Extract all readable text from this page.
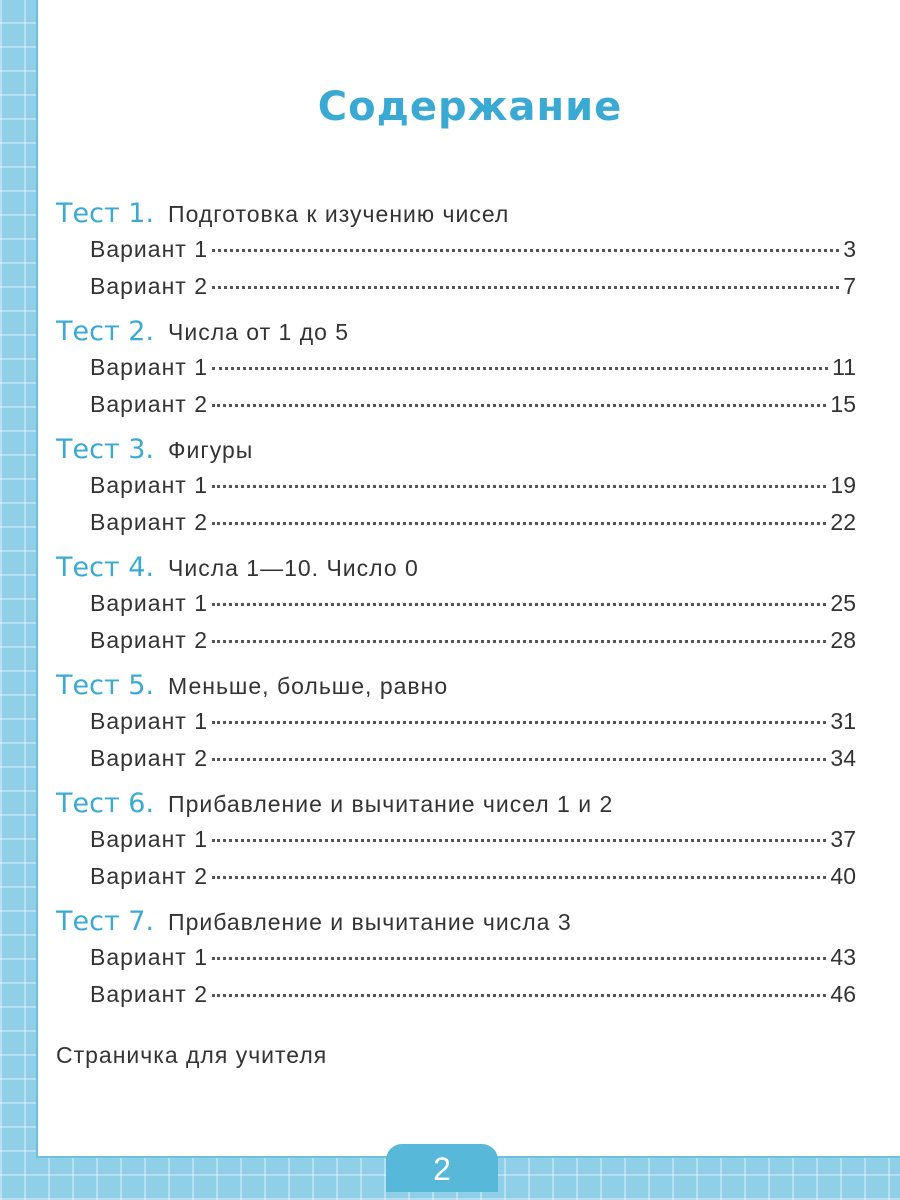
Содержание
Тест 1. Подготовка к изучению чисел
Вариант 1	3
Вариант 2	7
Тест 2. Числа от 1 до 5
Вариант 1	11
Вариант 2	15
Тест 3. Фигуры
Вариант 1	19
Вариант 2	22
Тест 4. Числа 1—10. Число 0
Вариант 1	25
Вариант 2	28
Тест 5. Меньше, больше, равно
Вариант 1	31
Вариант 2	34
Тест 6. Прибавление и вычитание чисел 1 и 2
Вариант 1	37
Вариант 2	40
Тест 7. Прибавление и вычитание числа 3
Вариант 1	43
Вариант 2	46
Страничка для учителя
2
